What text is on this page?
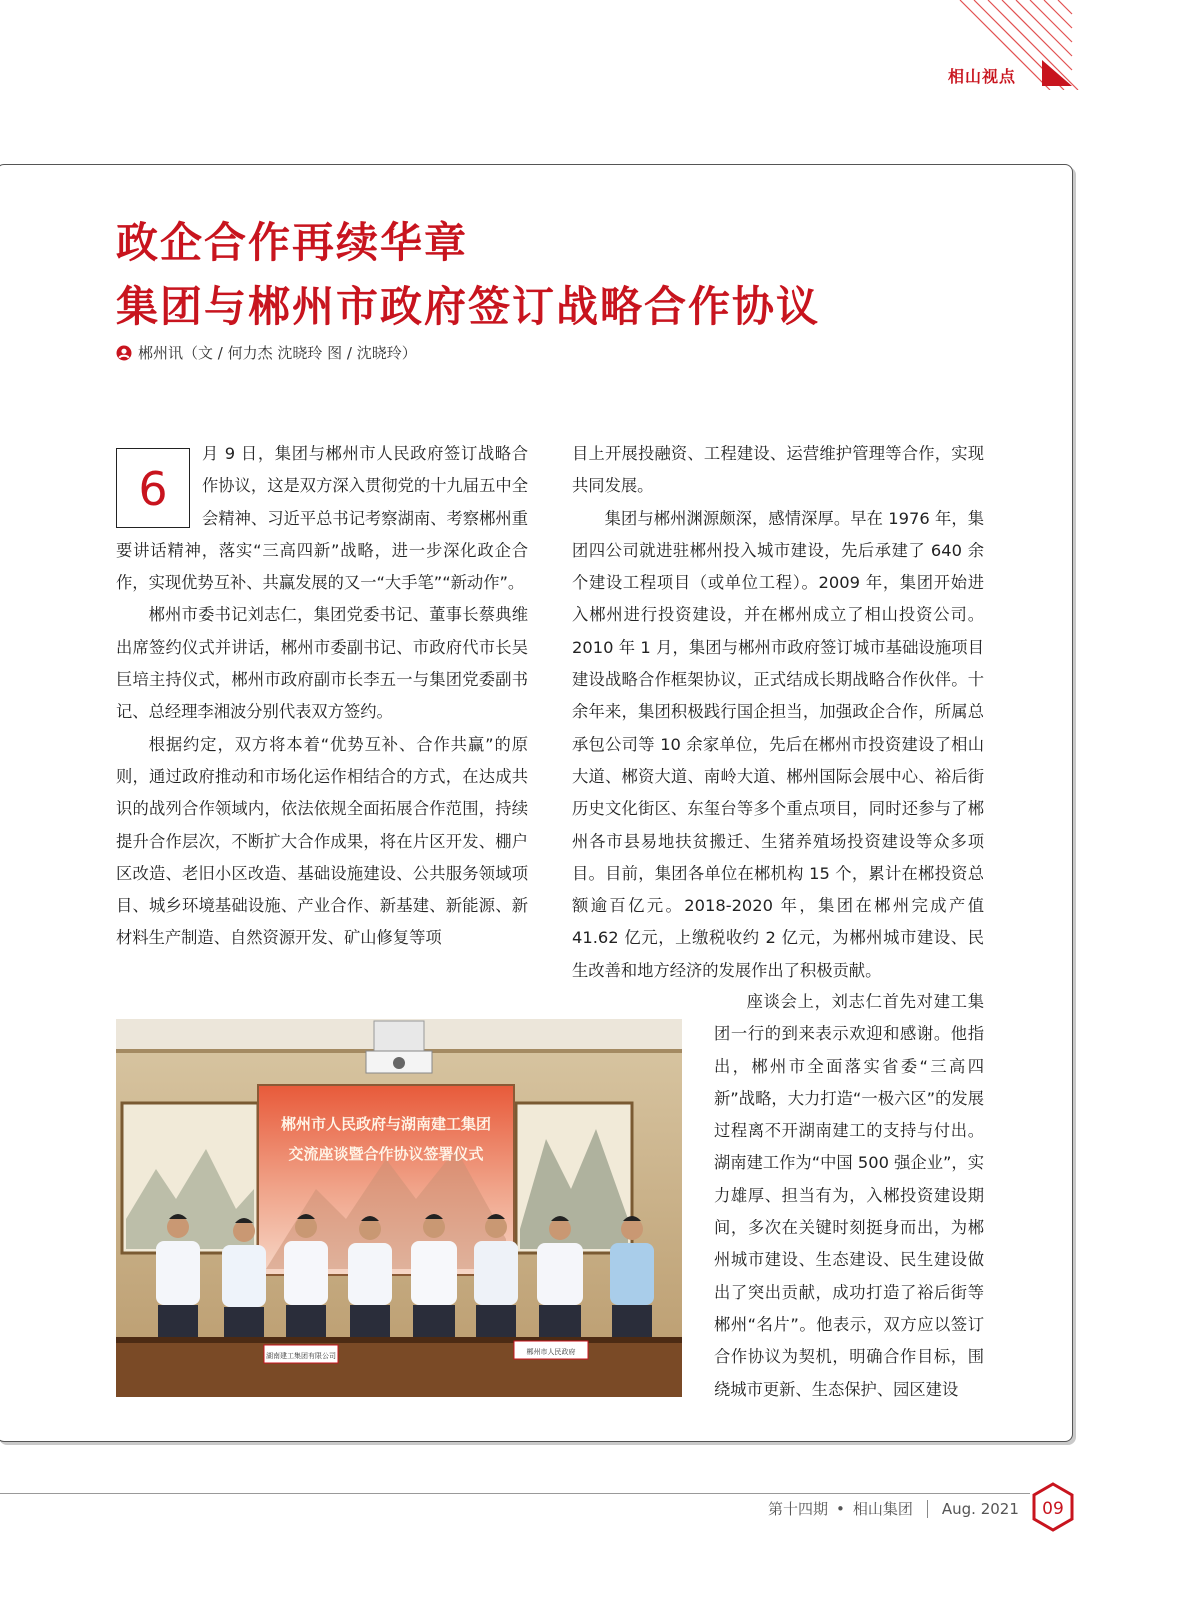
相山视点
政企合作再续华章
集团与郴州市政府签订战略合作协议
郴州讯（文 / 何力杰 沈晓玲 图 / 沈晓玲）

6
月 9 日，集团与郴州市人民政府签订战略合作协议，这是双方深入贯彻党的十九届五中全会精神、习近平总书记考察湖南、考察郴州重要讲话精神，落实“三高四新”战略，进一步深化政企合作，实现优势互补、共赢发展的又一“大手笔”“新动作”。

郴州市委书记刘志仁，集团党委书记、董事长蔡典维出席签约仪式并讲话，郴州市委副书记、市政府代市长吴巨培主持仪式，郴州市政府副市长李五一与集团党委副书记、总经理李湘波分别代表双方签约。

根据约定，双方将本着“优势互补、合作共赢”的原则，通过政府推动和市场化运作相结合的方式，在达成共识的战列合作领域内，依法依规全面拓展合作范围，持续提升合作层次，不断扩大合作成果，将在片区开发、棚户区改造、老旧小区改造、基础设施建设、公共服务领域项目、城乡环境基础设施、产业合作、新基建、新能源、新材料生产制造、自然资源开发、矿山修复等项

目上开展投融资、工程建设、运营维护管理等合作，实现共同发展。

集团与郴州渊源颇深，感情深厚。早在 1976 年，集团四公司就进驻郴州投入城市建设，先后承建了 640 余个建设工程项目（或单位工程）。2009 年，集团开始进入郴州进行投资建设，并在郴州成立了相山投资公司。2010 年 1 月，集团与郴州市政府签订城市基础设施项目建设战略合作框架协议，正式结成长期战略合作伙伴。十余年来，集团积极践行国企担当，加强政企合作，所属总承包公司等 10 余家单位，先后在郴州市投资建设了相山大道、郴资大道、南岭大道、郴州国际会展中心、裕后街历史文化街区、东玺台等多个重点项目，同时还参与了郴州各市县易地扶贫搬迁、生猪养殖场投资建设等众多项目。目前，集团各单位在郴机构 15 个，累计在郴投资总额逾百亿元。2018-2020 年，集团在郴州完成产值 41.62 亿元，上缴税收约 2 亿元，为郴州城市建设、民生改善和地方经济的发展作出了积极贡献。

座谈会上，刘志仁首先对建工集团一行的到来表示欢迎和感谢。他指出，郴州市全面落实省委“三高四新”战略，大力打造“一极六区”的发展过程离不开湖南建工的支持与付出。湖南建工作为“中国 500 强企业”，实力雄厚、担当有为，入郴投资建设期间，多次在关键时刻挺身而出，为郴州城市建设、生态建设、民生建设做出了突出贡献，成功打造了裕后街等郴州“名片”。他表示，双方应以签订合作协议为契机，明确合作目标，围绕城市更新、生态保护、园区建设

郴州市人民政府与湖南建工集团
交流座谈暨合作协议签署仪式
湖南建工集团有限公司	郴州市人民政府
第十四期 • 相山集团 Aug. 2021 09
